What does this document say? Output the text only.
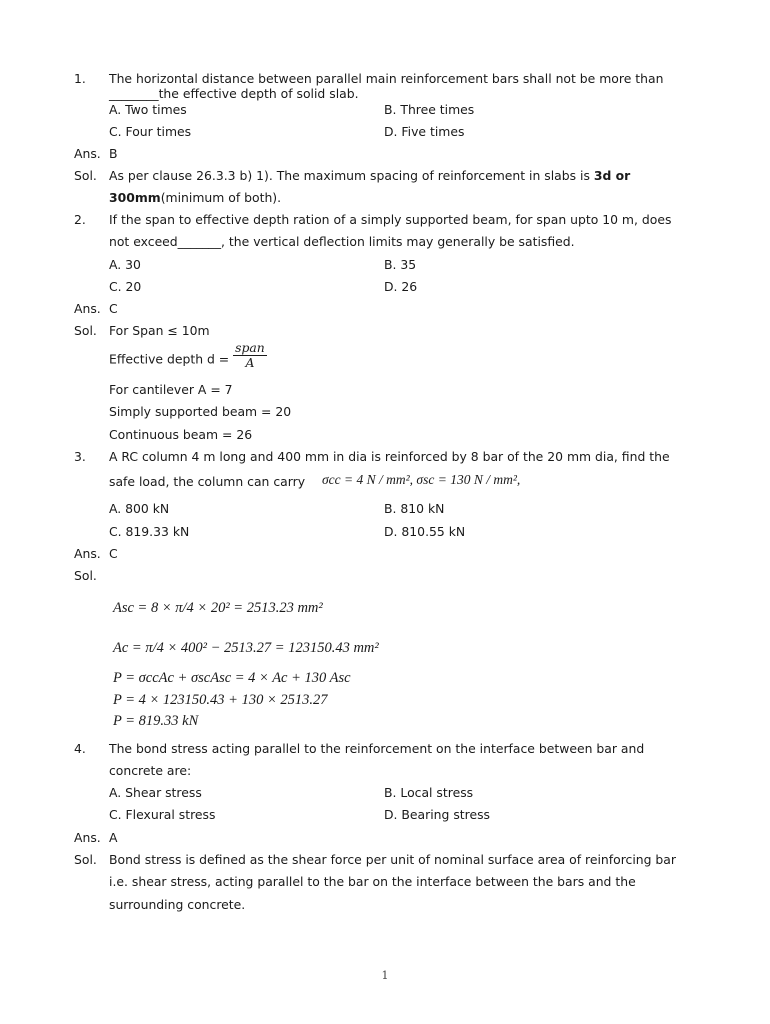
1. The horizontal distance between parallel main reinforcement bars shall not be more than
________the effective depth of solid slab.
A. Two times	B. Three times
C. Four times	D. Five times
Ans. B
Sol. As per clause 26.3.3 b) 1). The maximum spacing of reinforcement in slabs is 3d or
300mm(minimum of both).
2. If the span to effective depth ration of a simply supported beam, for span upto 10 m, does
not exceed_______, the vertical deflection limits may generally be satisfied.
A. 30	B. 35
C. 20	D. 26
Ans. C
Sol. For Span ≤ 10m
Effective depth $d = \frac{\text{span}}{A}$
For cantilever A = 7
Simply supported beam = 20
Continuous beam = 26
3. A RC column 4 m long and 400 mm in dia is reinforced by 8 bar of the 20 mm dia, find the
safe load, the column can carry σcc = 4 N / mm², σsc = 130 N / mm²,
A. 800 kN	B. 810 kN
C. 819.33 kN	D. 810.55 kN
Ans. C
Sol.
Asc = 8 × π/4 × 20² = 2513.23 mm²
Ac = π/4 × 400² − 2513.27 = 123150.43 mm²
P = σccAc + σscAsc = 4 × Ac + 130 Asc
P = 4 × 123150.43 + 130 × 2513.27
P = 819.33 kN
4. The bond stress acting parallel to the reinforcement on the interface between bar and
concrete are:
A. Shear stress	B. Local stress
C. Flexural stress	D. Bearing stress
Ans. A
Sol. Bond stress is defined as the shear force per unit of nominal surface area of reinforcing bar
i.e. shear stress, acting parallel to the bar on the interface between the bars and the
surrounding concrete.
1
